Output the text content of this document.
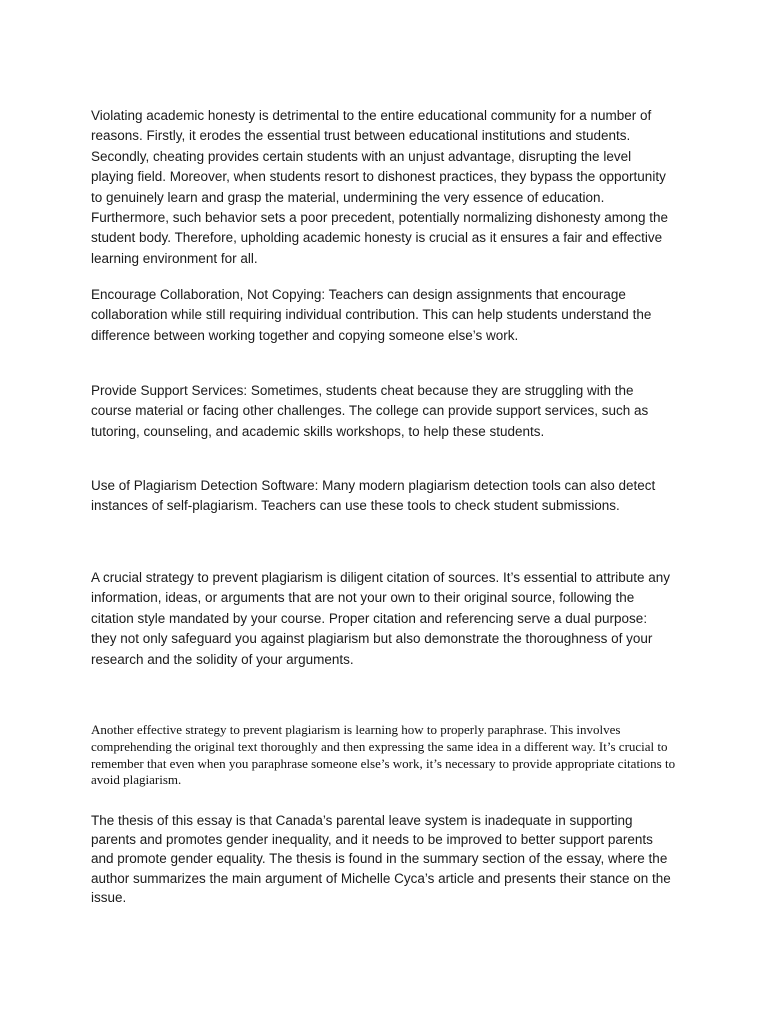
Violating academic honesty is detrimental to the entire educational community for a number of reasons. Firstly, it erodes the essential trust between educational institutions and students. Secondly, cheating provides certain students with an unjust advantage, disrupting the level playing field. Moreover, when students resort to dishonest practices, they bypass the opportunity to genuinely learn and grasp the material, undermining the very essence of education. Furthermore, such behavior sets a poor precedent, potentially normalizing dishonesty among the student body. Therefore, upholding academic honesty is crucial as it ensures a fair and effective learning environment for all.

Encourage Collaboration, Not Copying: Teachers can design assignments that encourage collaboration while still requiring individual contribution. This can help students understand the difference between working together and copying someone else’s work.

Provide Support Services: Sometimes, students cheat because they are struggling with the course material or facing other challenges. The college can provide support services, such as tutoring, counseling, and academic skills workshops, to help these students.

Use of Plagiarism Detection Software: Many modern plagiarism detection tools can also detect instances of self-plagiarism. Teachers can use these tools to check student submissions.

A crucial strategy to prevent plagiarism is diligent citation of sources. It’s essential to attribute any information, ideas, or arguments that are not your own to their original source, following the citation style mandated by your course. Proper citation and referencing serve a dual purpose: they not only safeguard you against plagiarism but also demonstrate the thoroughness of your research and the solidity of your arguments.

Another effective strategy to prevent plagiarism is learning how to properly paraphrase. This involves comprehending the original text thoroughly and then expressing the same idea in a different way. It’s crucial to remember that even when you paraphrase someone else’s work, it’s necessary to provide appropriate citations to avoid plagiarism.

The thesis of this essay is that Canada’s parental leave system is inadequate in supporting parents and promotes gender inequality, and it needs to be improved to better support parents and promote gender equality. The thesis is found in the summary section of the essay, where the author summarizes the main argument of Michelle Cyca’s article and presents their stance on the issue.
